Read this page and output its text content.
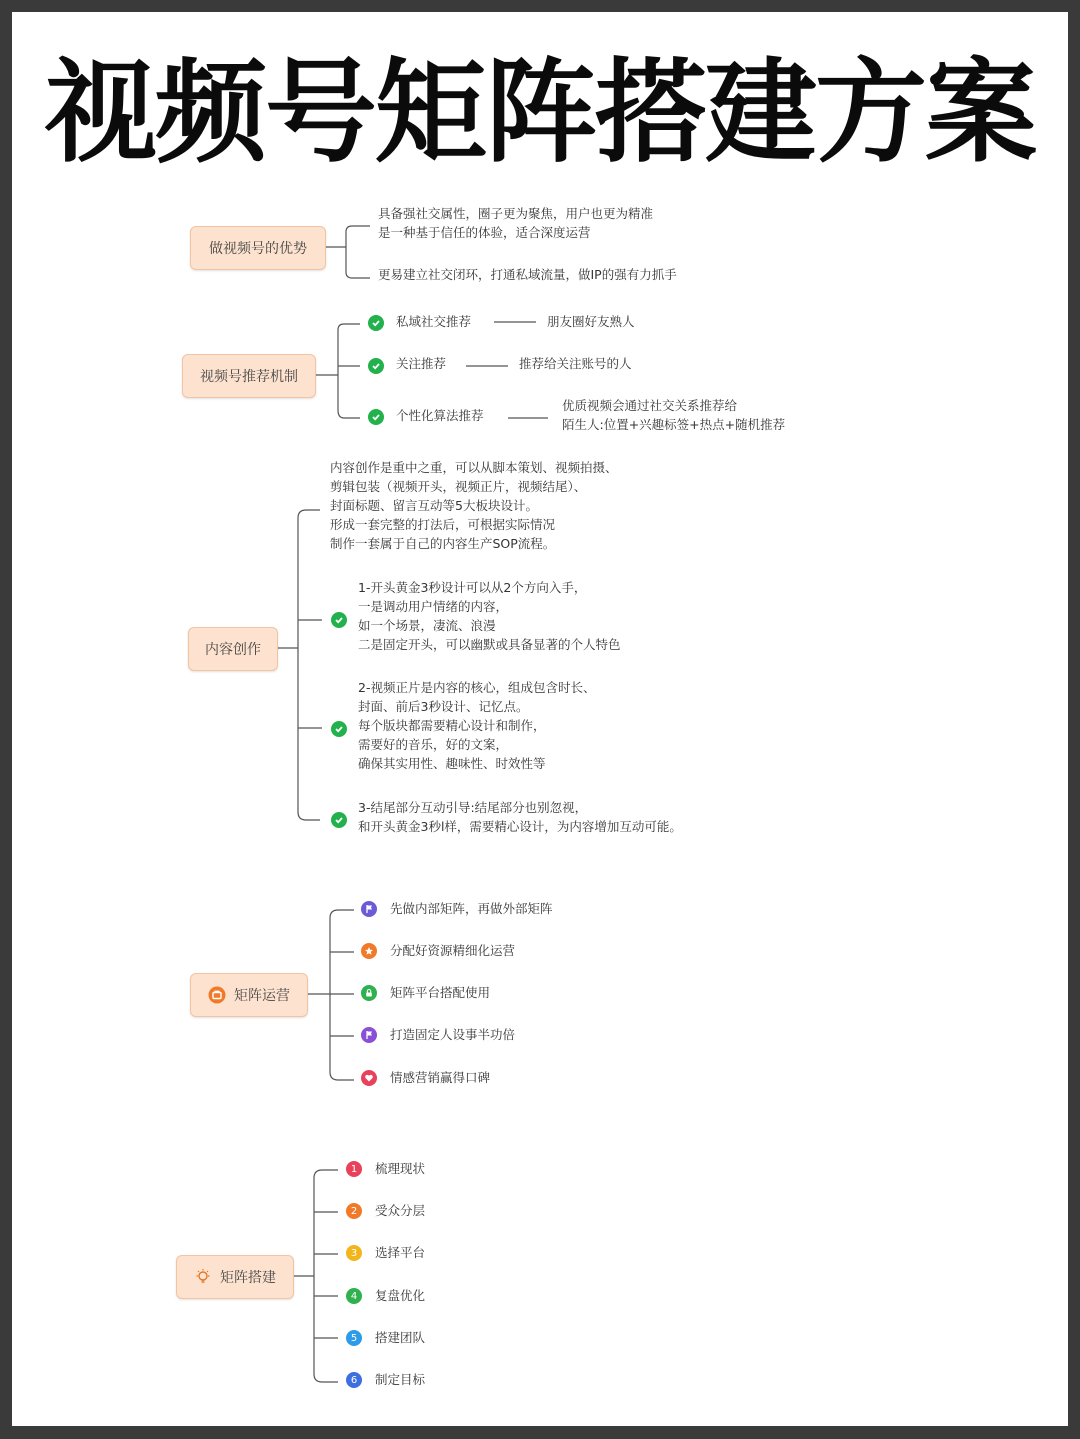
视频号矩阵搭建方案
做视频号的优势
具备强社交属性，圈子更为聚焦，用户也更为精准
是一种基于信任的体验，适合深度运营
更易建立社交闭环，打通私域流量，做IP的强有力抓手
视频号推荐机制
私域社交推荐	朋友圈好友熟人
关注推荐	推荐给关注账号的人
个性化算法推荐
优质视频会通过社交关系推荐给
陌生人:位置+兴趣标签+热点+随机推荐
内容创作
内容创作是重中之重，可以从脚本策划、视频拍摄、
剪辑包装（视频开头，视频正片，视频结尾）、
封面标题、留言互动等5大板块设计。
形成一套完整的打法后，可根据实际情况
制作一套属于自己的内容生产SOP流程。
1-开头黄金3秒设计可以从2个方向入手，
一是调动用户情绪的内容，
如一个场景，凄流、浪漫
二是固定开头，可以幽默或具备显著的个人特色
2-视频正片是内容的核心，组成包含时长、
封面、前后3秒设计、记忆点。
每个版块都需要精心设计和制作，
需要好的音乐，好的文案，
确保其实用性、趣味性、时效性等
3-结尾部分互动引导:结尾部分也别忽视，
和开头黄金3秒l样，需要精心设计，为内容增加互动可能。
矩阵运营
先做内部矩阵，再做外部矩阵
分配好资源精细化运营
矩阵平台搭配使用
打造固定人设事半功倍
情感营销赢得口碑
矩阵搭建
1	梳理现状
2	受众分层
3	选择平台
4	复盘优化
5	搭建团队
6	制定目标
